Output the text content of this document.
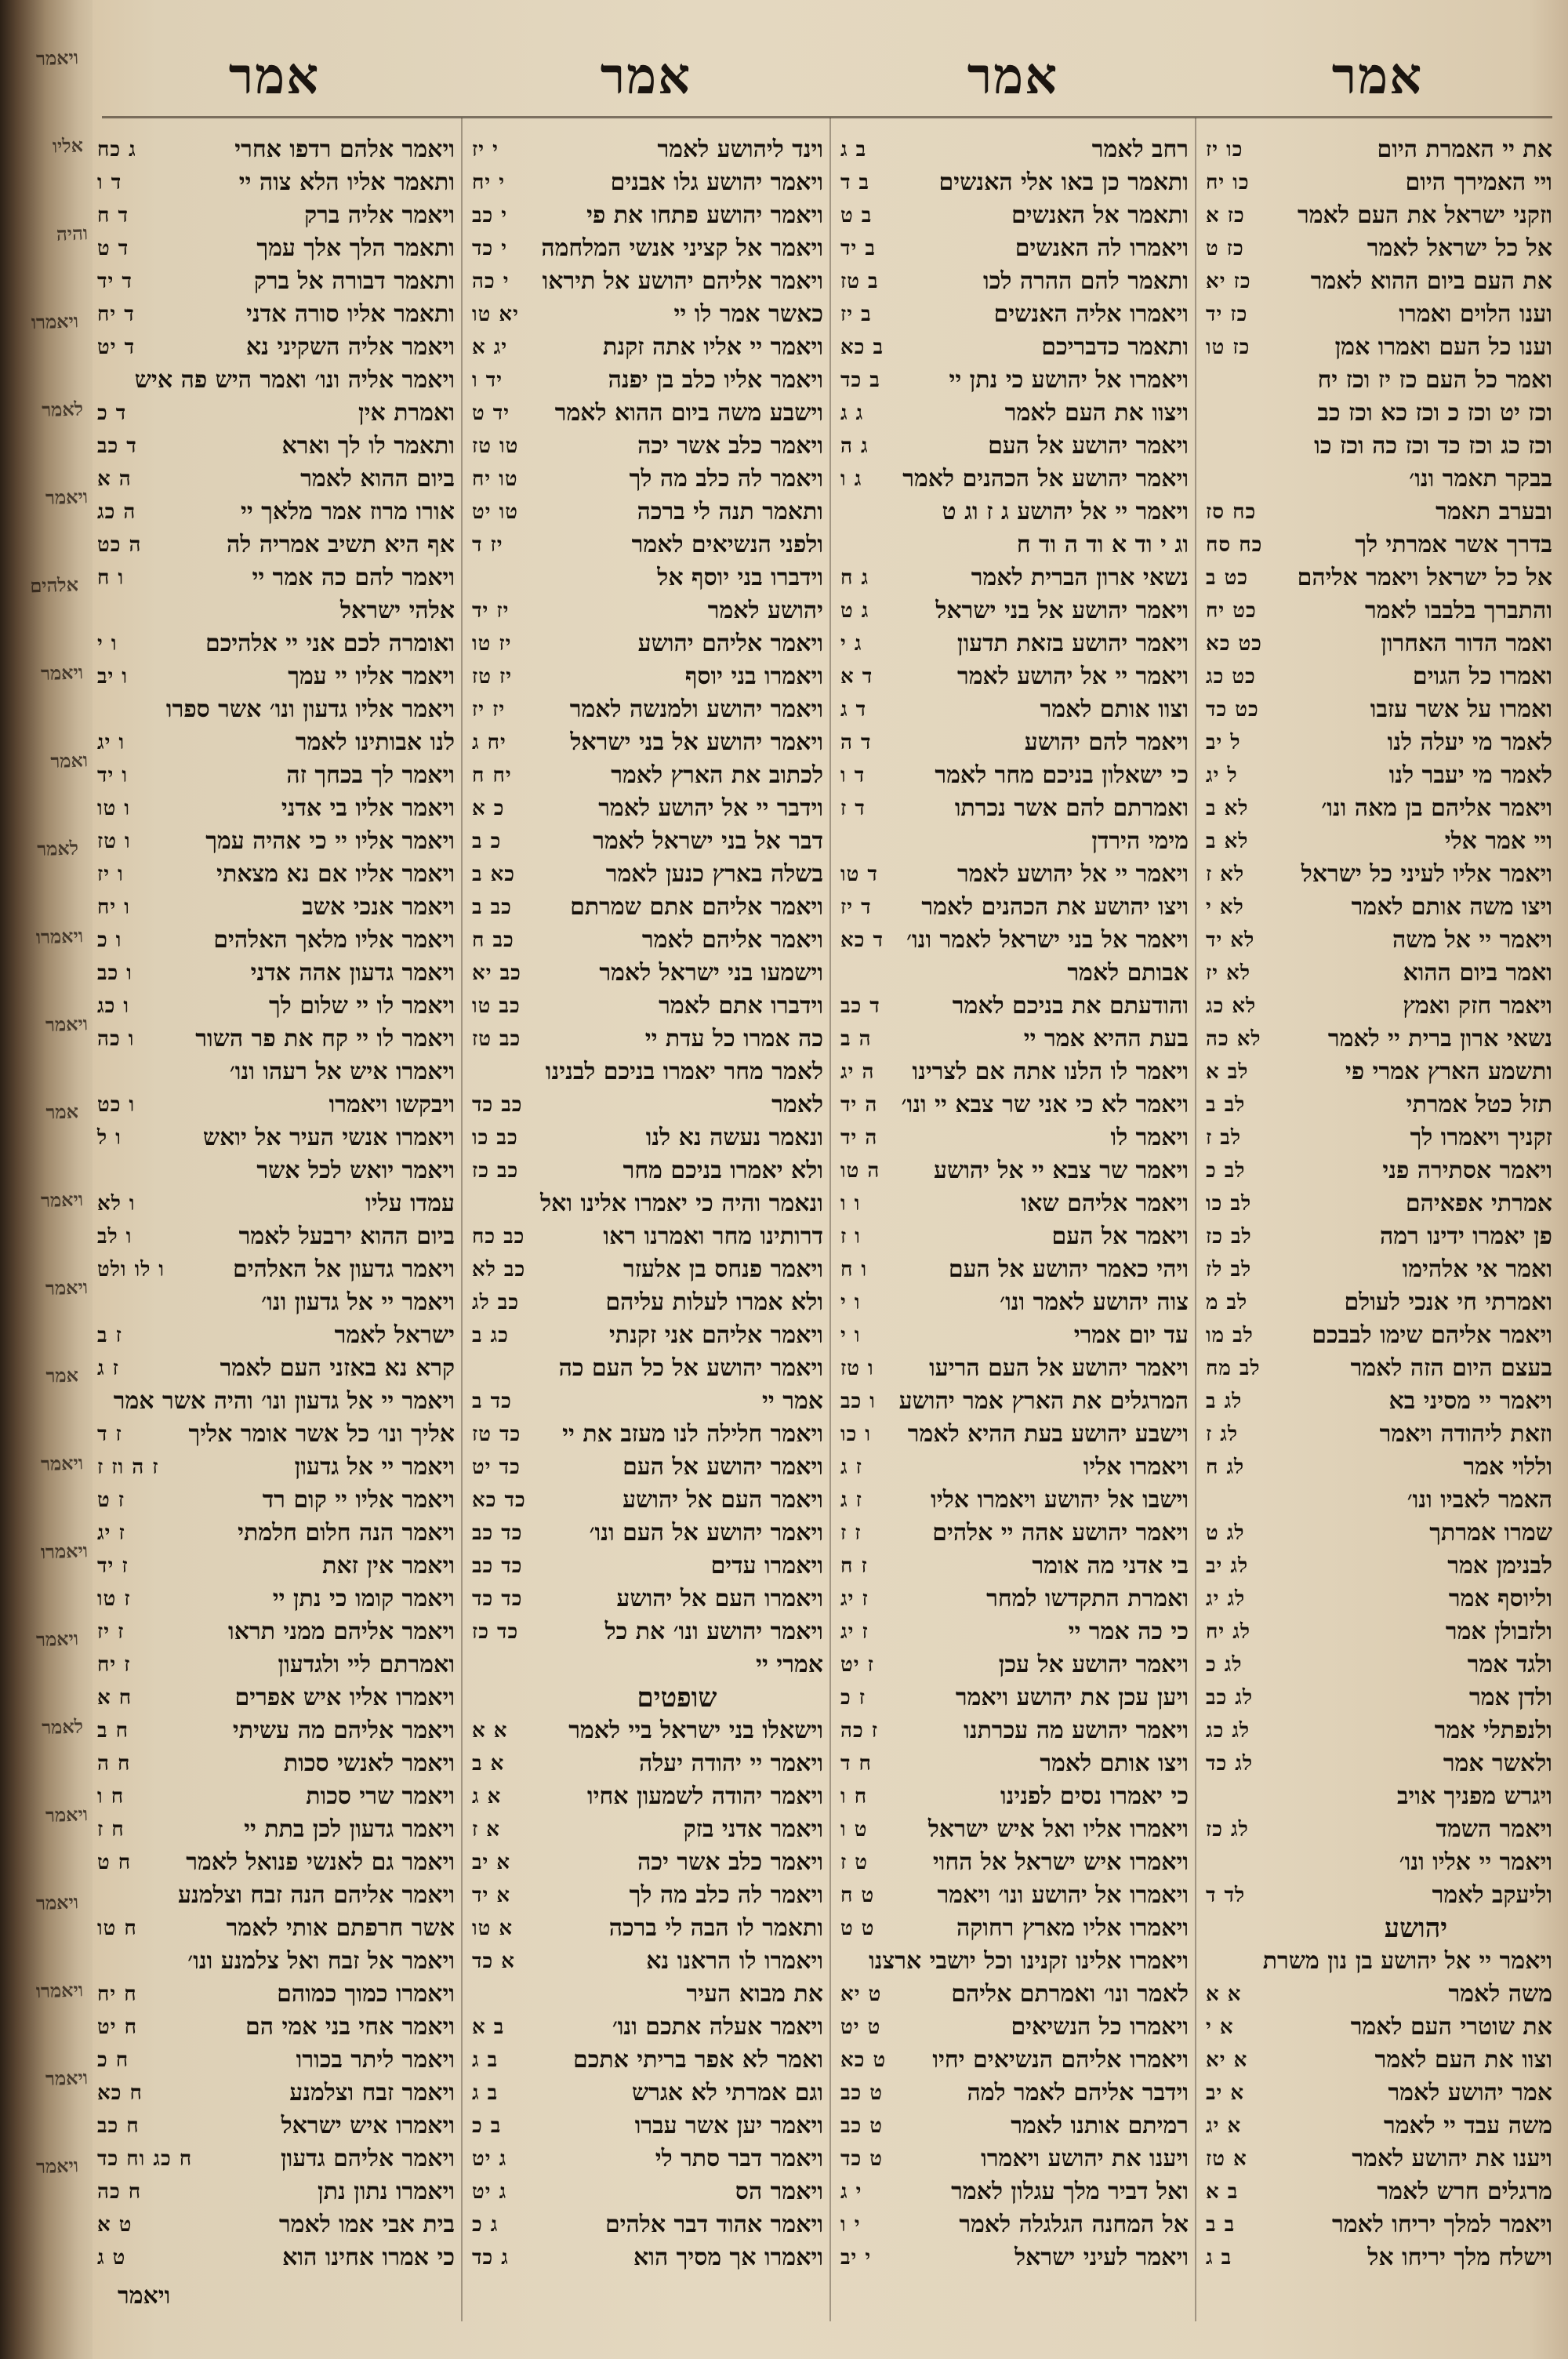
ויאמר
אליו
והיה
ויאמרו
לאמר
ויאמר
אלהים
ויאמר
ואמר
לאמר
ויאמרו
ויאמר
אמר
ויאמר
ויאמר
אמר
ויאמר
ויאמרו
ויאמר
לאמר
ויאמר
ויאמר
ויאמרו
ויאמר
ויאמר
אמר
ויאמר אלהם רדפו אחרי
ג כח
ותאמר אליו הלא צוה יי
ד ו
ויאמר אליה ברק
ד ח
ותאמר הלך אלך עמך
ד ט
ותאמר דבורה אל ברק
ד יד
ותאמר אליו סורה אדני
ד יח
ויאמר אליה השקיני נא
ד יט
ויאמר אליה ונו׳ ואמר היש פה איש
ואמרת אין
ד כ
ותאמר לו לך וארא
ד כב
ביום ההוא לאמר
ה א
אורו מרוז אמר מלאך יי
ה כג
אף היא תשיב אמריה לה
ה כט
ויאמר להם כה אמר יי
ו ח
אלהי ישראל
ואומרה לכם אני יי אלהיכם
ו י
ויאמר אליו יי עמך
ו יב
ויאמר אליו גדעון ונו׳ אשר ספרו
לנו אבותינו לאמר
ו יג
ויאמר לך בכחך זה
ו יד
ויאמר אליו בי אדני
ו טו
ויאמר אליו יי כי אהיה עמך
ו טז
ויאמר אליו אם נא מצאתי
ו יז
ויאמר אנכי אשב
ו יח
ויאמר אליו מלאך האלהים
ו כ
ויאמר גדעון אהה אדני
ו כב
ויאמר לו יי שלום לך
ו כג
ויאמר לו יי קח את פר השור
ו כה
ויאמרו איש אל רעהו ונו׳
ויבקשו ויאמרו
ו כט
ויאמרו אנשי העיר אל יואש
ו ל
ויאמר יואש לכל אשר
עמדו עליו
ו לא
ביום ההוא ירבעל לאמר
ו לב
ויאמר גדעון אל האלהים
ו לו ולט
ויאמר יי אל גדעון ונו׳
ישראל לאמר
ז ב
קרא נא באזני העם לאמר
ז ג
ויאמר יי אל גדעון ונו׳ והיה אשר אמר
אליך ונו׳ כל אשר אומר אליך
ז ד
ויאמר יי אל גדעון
ז ה וז ז
ויאמר אליו יי קום רד
ז ט
ויאמר הנה חלום חלמתי
ז יג
ויאמר אין זאת
ז יד
ויאמר קומו כי נתן יי
ז טו
ויאמר אליהם ממני תראו
ז יז
ואמרתם ליי ולגדעון
ז יח
ויאמרו אליו איש אפרים
ח א
ויאמר אליהם מה עשיתי
ח ב
ויאמר לאנשי סכות
ח ה
ויאמר שרי סכות
ח ו
ויאמר גדעון לכן בתת יי
ח ז
ויאמר גם לאנשי פנואל לאמר
ח ט
ויאמר אליהם הנה זבח וצלמנע
אשר חרפתם אותי לאמר
ח טו
ויאמר אל זבח ואל צלמנע ונו׳
ויאמרו כמוך כמוהם
ח יח
ויאמר אחי בני אמי הם
ח יט
ויאמר ליתר בכורו
ח כ
ויאמר זבח וצלמנע
ח כא
ויאמרו איש ישראל
ח כב
ויאמר אליהם גדעון
ח כג וח כד
ויאמרו נתון נתן
ח כה
בית אבי אמו לאמר
ט א
כי אמרו אחינו הוא
ט ג
אמר
וינד ליהושע לאמר
י יז
ויאמר יהושע גלו אבנים
י יח
ויאמר יהושע פתחו את פי
י כב
ויאמר אל קציני אנשי המלחמה
י כד
ויאמר אליהם יהושע אל תיראו
י כה
כאשר אמר לו יי
יא טו
ויאמר יי אליו אתה זקנת
יג א
ויאמר אליו כלב בן יפנה
יד ו
וישבע משה ביום ההוא לאמר
יד ט
ויאמר כלב אשר יכה
טו טז
ויאמר לה כלב מה לך
טו יח
ותאמר תנה לי ברכה
טו יט
ולפני הנשיאים לאמר
יז ד
וידברו בני יוסף אל
יהושע לאמר
יז יד
ויאמר אליהם יהושע
יז טו
ויאמרו בני יוסף
יז טז
ויאמר יהושע ולמנשה לאמר
יז יז
ויאמר יהושע אל בני ישראל
יח ג
לכתוב את הארץ לאמר
יח ח
וידבר יי אל יהושע לאמר
כ א
דבר אל בני ישראל לאמר
כ ב
בשלה בארץ כנען לאמר
כא ב
ויאמר אליהם אתם שמרתם
כב ב
ויאמר אליהם לאמר
כב ח
וישמעו בני ישראל לאמר
כב יא
וידברו אתם לאמר
כב טו
כה אמרו כל עדת יי
כב טז
לאמר מחר יאמרו בניכם לבנינו
לאמר
כב כד
ונאמר נעשה נא לנו
כב כו
ולא יאמרו בניכם מחר
כב כז
ונאמר והיה כי יאמרו אלינו ואל
דרותינו מחר ואמרנו ראו
כב כח
ויאמר פנחס בן אלעזר
כב לא
ולא אמרו לעלות עליהם
כב לג
ויאמר אליהם אני זקנתי
כג ב
ויאמר יהושע אל כל העם כה
אמר יי
כד ב
ויאמר חלילה לנו מעזב את יי
כד טז
ויאמר יהושע אל העם
כד יט
ויאמר העם אל יהושע
כד כא
ויאמר יהושע אל העם ונו׳
כד כב
ויאמרו עדים
כד כב
ויאמרו העם אל יהושע
כד כד
ויאמר יהושע ונו׳ את כל
כד כז
אמרי יי
שופטים
וישאלו בני ישראל ביי לאמר
א א
ויאמר יי יהודה יעלה
א ב
ויאמר יהודה לשמעון אחיו
א ג
ויאמר אדני בזק
א ז
ויאמר כלב אשר יכה
א יב
ויאמר לה כלב מה לך
א יד
ותאמר לו הבה לי ברכה
א טו
ויאמרו לו הראנו נא
א כד
את מבוא העיר
ויאמר אעלה אתכם ונו׳
ב א
ואמר לא אפר בריתי אתכם
ב ג
וגם אמרתי לא אגרש
ב ג
ויאמר יען אשר עברו
ב כ
ויאמר דבר סתר לי
ג יט
ויאמר הס
ג יט
ויאמר אהוד דבר אלהים
ג כ
ויאמרו אך מסיך הוא
ג כד
אמר
רחב לאמר
ב ג
ותאמר כן באו אלי האנשים
ב ד
ותאמר אל האנשים
ב ט
ויאמרו לה האנשים
ב יד
ותאמר להם ההרה לכו
ב טז
ויאמרו אליה האנשים
ב יז
ותאמר כדבריכם
ב כא
ויאמרו אל יהושע כי נתן יי
ב כד
ויצוו את העם לאמר
ג ג
ויאמר יהושע אל העם
ג ה
ויאמר יהושע אל הכהנים לאמר
ג ו
ויאמר יי אל יהושע ג ז וג ט
וג י וד א וד ה וד ח
נשאי ארון הברית לאמר
ג ח
ויאמר יהושע אל בני ישראל
ג ט
ויאמר יהושע בזאת תדעון
ג י
ויאמר יי אל יהושע לאמר
ד א
וצוו אותם לאמר
ד ג
ויאמר להם יהושע
ד ה
כי ישאלון בניכם מחר לאמר
ד ו
ואמרתם להם אשר נכרתו
ד ז
מימי הירדן
ויאמר יי אל יהושע לאמר
ד טו
ויצו יהושע את הכהנים לאמר
ד יז
ויאמר אל בני ישראל לאמר ונו׳
ד כא
אבותם לאמר
והודעתם את בניכם לאמר
ד כב
בעת ההיא אמר יי
ה ב
ויאמר לו הלנו אתה אם לצרינו
ה יג
ויאמר לא כי אני שר צבא יי ונו׳
ה יד
ויאמר לו
ה יד
ויאמר שר צבא יי אל יהושע
ה טו
ויאמר אליהם שאו
ו ו
ויאמר אל העם
ו ז
ויהי כאמר יהושע אל העם
ו ח
צוה יהושע לאמר ונו׳
ו י
עד יום אמרי
ו י
ויאמר יהושע אל העם הריעו
ו טז
המרגלים את הארץ אמר יהושע
ו כב
וישבע יהושע בעת ההיא לאמר
ו כו
ויאמרו אליו
ז ג
וישבו אל יהושע ויאמרו אליו
ז ג
ויאמר יהושע אהה יי אלהים
ז ז
בי אדני מה אומר
ז ח
ואמרת התקדשו למחר
ז יג
כי כה אמר יי
ז יג
ויאמר יהושע אל עכן
ז יט
ויען עכן את יהושע ויאמר
ז כ
ויאמר יהושע מה עכרתנו
ז כה
ויצו אותם לאמר
ח ד
כי יאמרו נסים לפנינו
ח ו
ויאמרו אליו ואל איש ישראל
ט ו
ויאמרו איש ישראל אל החוי
ט ז
ויאמרו אל יהושע ונו׳ ויאמר
ט ח
ויאמרו אליו מארץ רחוקה
ט ט
ויאמרו אלינו זקנינו וכל יושבי ארצנו
לאמר ונו׳ ואמרתם אליהם
ט יא
ויאמרו כל הנשיאים
ט יט
ויאמרו אליהם הנשיאים יחיו
ט כא
וידבר אליהם לאמר למה
ט כב
רמיתם אותנו לאמר
ט כב
ויענו את יהושע ויאמרו
ט כד
ואל דביר מלך עגלון לאמר
י ג
אל המחנה הגלגלה לאמר
י ו
ויאמר לעיני ישראל
י יב
אמר
את יי האמרת היום
כו יז
ויי האמירך היום
כו יח
וזקני ישראל את העם לאמר
כז א
אל כל ישראל לאמר
כז ט
את העם ביום ההוא לאמר
כז יא
וענו הלוים ואמרו
כז יד
וענו כל העם ואמרו אמן
כז טו
ואמר כל העם כז יז וכז יח
וכז יט וכז כ וכז כא וכז כב
וכז כג וכז כד וכז כה וכז כו
בבקר תאמר ונו׳
ובערב תאמר
כח סז
בדרך אשר אמרתי לך
כח סח
אל כל ישראל ויאמר אליהם
כט ב
והתברך בלבבו לאמר
כט יח
ואמר הדור האחרון
כט כא
ואמרו כל הגוים
כט כג
ואמרו על אשר עזבו
כט כד
לאמר מי יעלה לנו
ל יב
לאמר מי יעבר לנו
ל יג
ויאמר אליהם בן מאה ונו׳
לא ב
ויי אמר אלי
לא ב
ויאמר אליו לעיני כל ישראל
לא ז
ויצו משה אותם לאמר
לא י
ויאמר יי אל משה
לא יד
ואמר ביום ההוא
לא יז
ויאמר חזק ואמץ
לא כג
נשאי ארון ברית יי לאמר
לא כה
ותשמע הארץ אמרי פי
לב א
תזל כטל אמרתי
לב ב
זקניך ויאמרו לך
לב ז
ויאמר אסתירה פני
לב כ
אמרתי אפאיהם
לב כו
פן יאמרו ידינו רמה
לב כז
ואמר אי אלהימו
לב לז
ואמרתי חי אנכי לעולם
לב מ
ויאמר אליהם שימו לבבכם
לב מו
בעצם היום הזה לאמר
לב מח
ויאמר יי מסיני בא
לג ב
וזאת ליהודה ויאמר
לג ז
וללוי אמר
לג ח
האמר לאביו ונו׳
שמרו אמרתך
לג ט
לבנימן אמר
לג יב
וליוסף אמר
לג יג
ולזבולן אמר
לג יח
ולגד אמר
לג כ
ולדן אמר
לג כב
ולנפתלי אמר
לג כג
ולאשר אמר
לג כד
ויגרש מפניך אויב
ויאמר השמד
לג כז
ויאמר יי אליו ונו׳
וליעקב לאמר
לד ד
יהושע
ויאמר יי אל יהושע בן נון משרת
משה לאמר
א א
את שוטרי העם לאמר
א י
וצוו את העם לאמר
א יא
אמר יהושע לאמר
א יב
משה עבד יי לאמר
א יג
ויענו את יהושע לאמר
א טז
מרגלים חרש לאמר
ב א
ויאמר למלך יריחו לאמר
ב ב
וישלח מלך יריחו אל
ב ג
ויאמר
